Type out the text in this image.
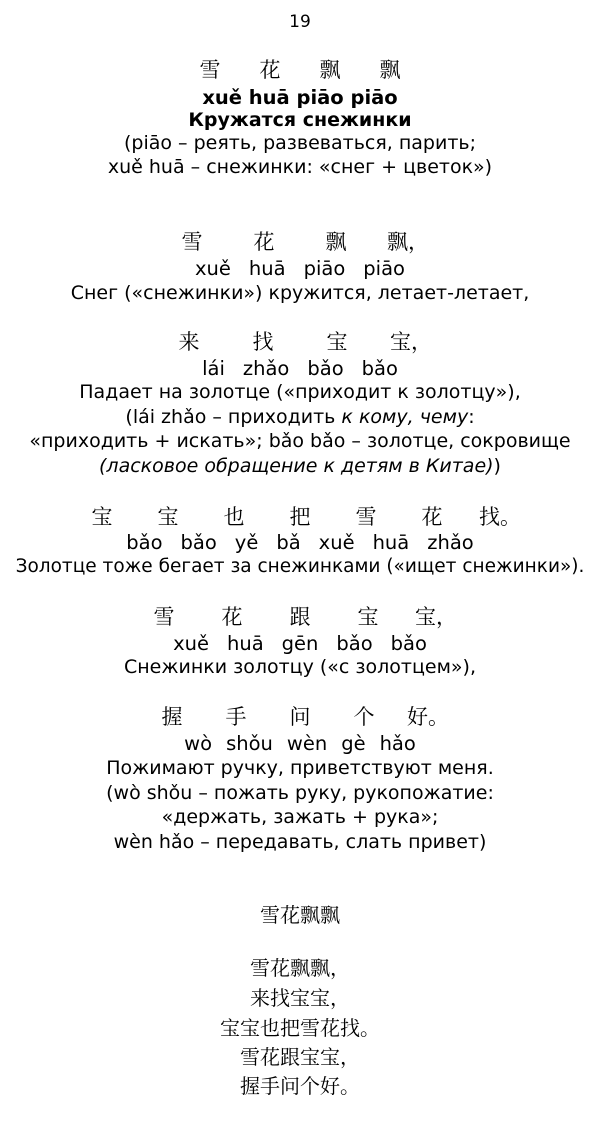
19
雪 花 飘 飘
xuě huā piāo piāo
Кружатся снежинки
(piāo – реять, развеваться, парить;
xuě huā – снежинки: «снег + цветок»)
雪 花 飘 飘，
xuě huā piāo piāo
Снег («снежинки») кружится, летает-летает,
来	找	宝 宝，
lái zhǎo bǎo bǎo
Падает на золотце («приходит к золотцу»),
(lái zhǎo – приходить к кому, чему:
«приходить + искать»; bǎo bǎo – золотце, сокровище
(ласковое обращение к детям в Китае))
宝 宝 也 把 雪 花 找。
bǎo bǎo yě bǎ xuě huā zhǎo
Золотце тоже бегает за снежинками («ищет снежинки»).
雪 花 跟 宝 宝，
xuě huā gēn bǎo bǎo
Снежинки золотцу («с золотцем»),
握 手 问 个 好。
wò shǒu wèn gè hǎo
Пожимают ручку, приветствуют меня.
(wò shǒu – пожать руку, рукопожатие:
«держать, зажать + рука»;
wèn hǎo – передавать, слать привет)
雪花飘飘
雪花飘飘，
来找宝宝，
宝宝也把雪花找。
雪花跟宝宝，
握手问个好。
